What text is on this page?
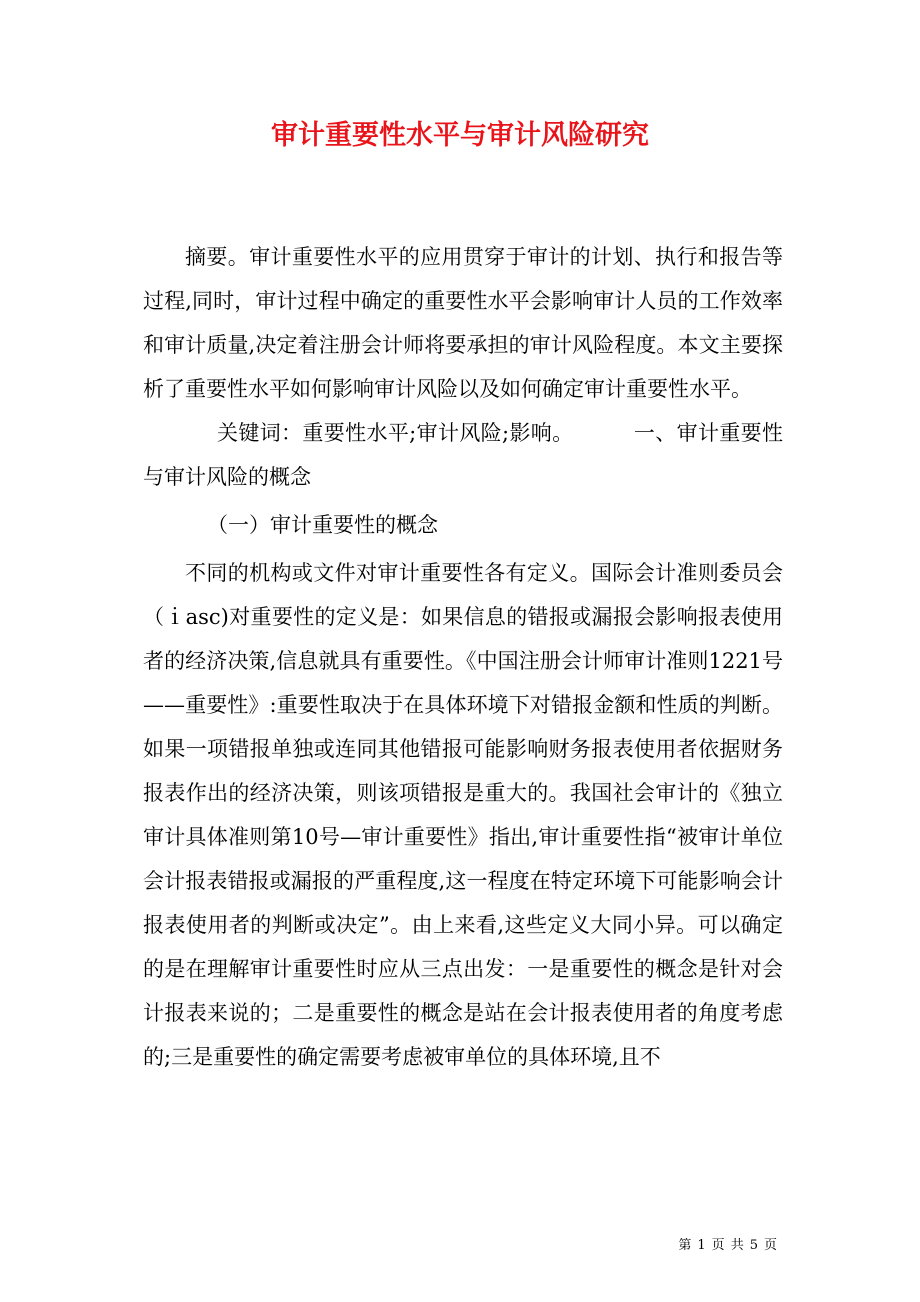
审计重要性水平与审计风险研究

摘要。审计重要性水平的应用贯穿于审计的计划、执行和报告等过程,同时，审计过程中确定的重要性水平会影响审计人员的工作效率和审计质量,决定着注册会计师将要承担的审计风险程度。本文主要探析了重要性水平如何影响审计风险以及如何确定审计重要性水平。

关键词：重要性水平;审计风险;影响。	一、审计重要性与审计风险的概念

（一）审计重要性的概念

不同的机构或文件对审计重要性各有定义。国际会计准则委员会（ｉasc)对重要性的定义是：如果信息的错报或漏报会影响报表使用者的经济决策,信息就具有重要性。《中国注册会计师审计准则1221号——重要性》:重要性取决于在具体环境下对错报金额和性质的判断。如果一项错报单独或连同其他错报可能影响财务报表使用者依据财务报表作出的经济决策，则该项错报是重大的。我国社会审计的《独立审计具体准则第10号—审计重要性》指出,审计重要性指“被审计单位会计报表错报或漏报的严重程度,这一程度在特定环境下可能影响会计报表使用者的判断或决定”。由上来看,这些定义大同小异。可以确定的是在理解审计重要性时应从三点出发：一是重要性的概念是针对会计报表来说的；二是重要性的概念是站在会计报表使用者的角度考虑的;三是重要性的确定需要考虑被审单位的具体环境,且不

第 1 页 共 5 页
